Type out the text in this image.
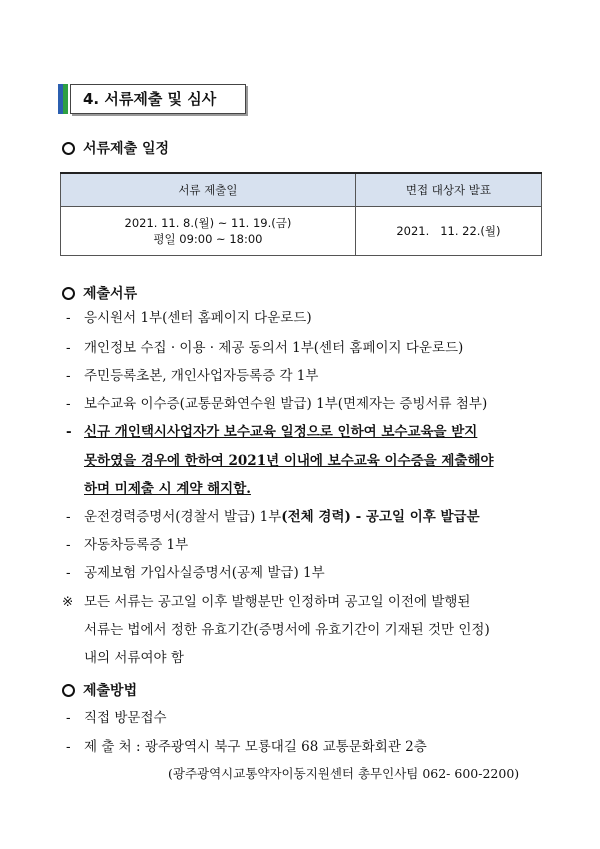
4. 서류제출 및 심사
서류제출 일정
서류 제출일	면접 대상자 발표

2021. 11. 8.(월) ~ 11. 19.(금)
평일 09:00 ~ 18:00	2021.   11. 22.(월)
제출서류
- 응시원서 1부(센터 홈페이지 다운로드)
- 개인정보 수집 · 이용 · 제공 동의서 1부(센터 홈페이지 다운로드)
- 주민등록초본, 개인사업자등록증 각 1부
- 보수교육 이수증(교통문화연수원 발급) 1부(면제자는 증빙서류 첨부)
- 신규 개인택시사업자가 보수교육 일정으로 인하여 보수교육을 받지
못하였을 경우에 한하여 2021년 이내에 보수교육 이수증을 제출해야
하며 미제출 시 계약 해지함.
- 운전경력증명서(경찰서 발급) 1부(전체 경력) - 공고일 이후 발급분
- 자동차등록증 1부
- 공제보험 가입사실증명서(공제 발급) 1부
※ 모든 서류는 공고일 이후 발행분만 인정하며 공고일 이전에 발행된
서류는 법에서 정한 유효기간(증명서에 유효기간이 기재된 것만 인정)
내의 서류여야 함
제출방법
- 직접 방문접수
- 제 출 처 : 광주광역시 북구 모룡대길 68 교통문화회관 2층
(광주광역시교통약자이동지원센터 총무인사팀 062- 600-2200)
